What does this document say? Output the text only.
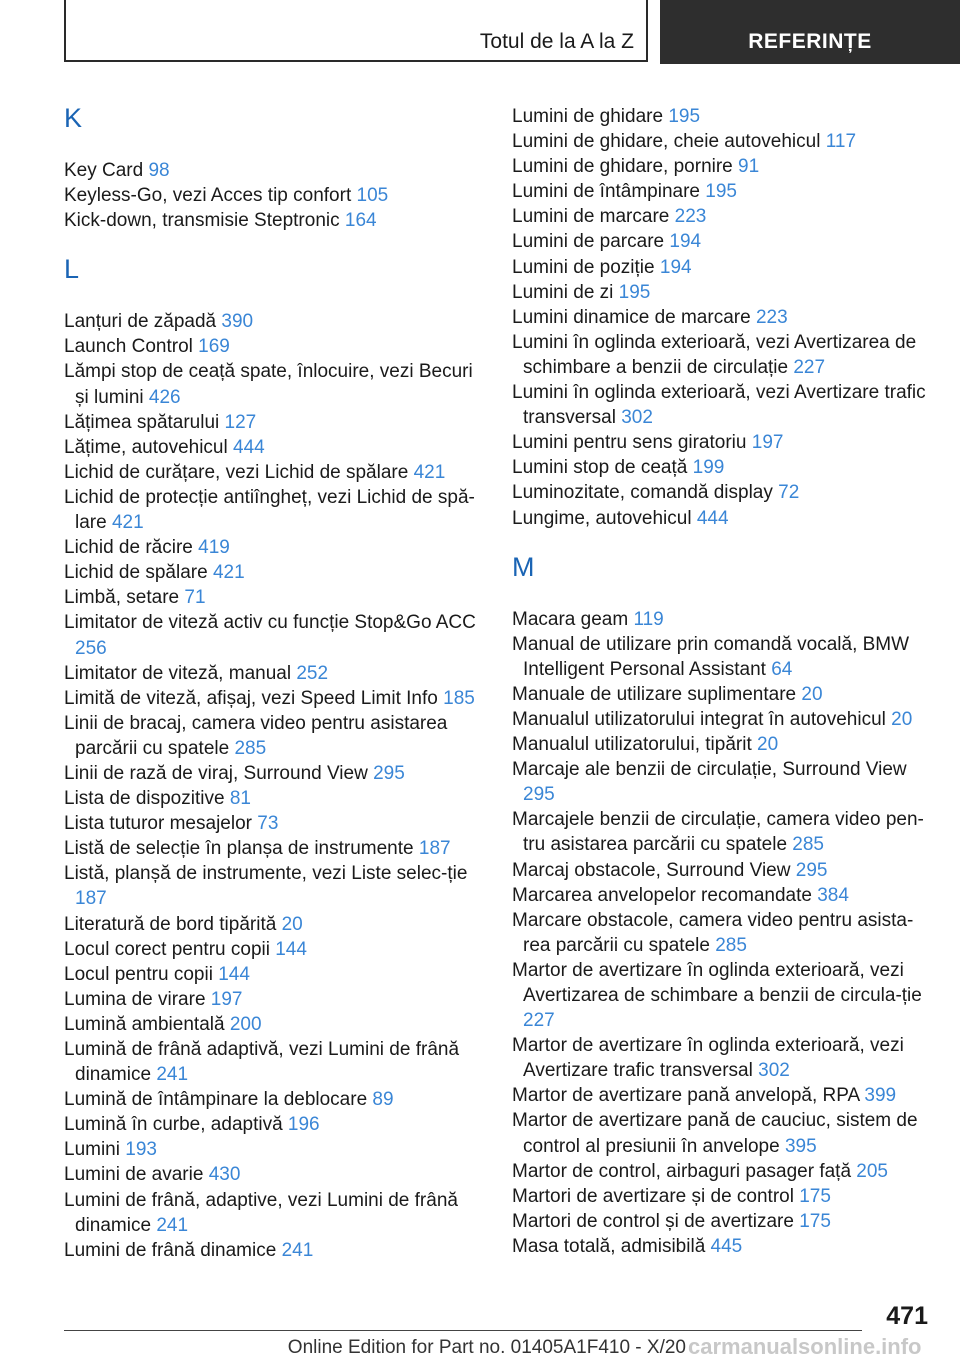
Totul de la A la Z	REFERINȚE
K
Key Card 98
Keyless-Go, vezi Acces tip confort 105
Kick-down, transmisie Steptronic 164
L
Lanțuri de zăpadă 390
Launch Control 169
Lămpi stop de ceață spate, înlocuire, vezi Becuri și lumini 426
Lățimea spătarului 127
Lățime, autovehicul 444
Lichid de curățare, vezi Lichid de spălare 421
Lichid de protecție antiîngheț, vezi Lichid de spă-lare 421
Lichid de răcire 419
Lichid de spălare 421
Limbă, setare 71
Limitator de viteză activ cu funcție Stop&Go ACC 256
Limitator de viteză, manual 252
Limită de viteză, afișaj, vezi Speed Limit Info 185
Linii de bracaj, camera video pentru asistarea parcării cu spatele 285
Linii de rază de viraj, Surround View 295
Lista de dispozitive 81
Lista tuturor mesajelor 73
Listă de selecție în planșa de instrumente 187
Listă, planșă de instrumente, vezi Liste selec-ție 187
Literatură de bord tipărită 20
Locul corect pentru copii 144
Locul pentru copii 144
Lumina de virare 197
Lumină ambientală 200
Lumină de frână adaptivă, vezi Lumini de frână dinamice 241
Lumină de întâmpinare la deblocare 89
Lumină în curbe, adaptivă 196
Lumini 193
Lumini de avarie 430
Lumini de frână, adaptive, vezi Lumini de frână dinamice 241
Lumini de frână dinamice 241
Lumini de ghidare 195
Lumini de ghidare, cheie autovehicul 117
Lumini de ghidare, pornire 91
Lumini de întâmpinare 195
Lumini de marcare 223
Lumini de parcare 194
Lumini de poziție 194
Lumini de zi 195
Lumini dinamice de marcare 223
Lumini în oglinda exterioară, vezi Avertizarea de schimbare a benzii de circulație 227
Lumini în oglinda exterioară, vezi Avertizare trafic transversal 302
Lumini pentru sens giratoriu 197
Lumini stop de ceață 199
Luminozitate, comandă display 72
Lungime, autovehicul 444
M
Macara geam 119
Manual de utilizare prin comandă vocală, BMW Intelligent Personal Assistant 64
Manuale de utilizare suplimentare 20
Manualul utilizatorului integrat în autovehicul 20
Manualul utilizatorului, tipărit 20
Marcaje ale benzii de circulație, Surround View 295
Marcajele benzii de circulație, camera video pen-tru asistarea parcării cu spatele 285
Marcaj obstacole, Surround View 295
Marcarea anvelopelor recomandate 384
Marcare obstacole, camera video pentru asista-rea parcării cu spatele 285
Martor de avertizare în oglinda exterioară, vezi Avertizarea de schimbare a benzii de circula-ție 227
Martor de avertizare în oglinda exterioară, vezi Avertizare trafic transversal 302
Martor de avertizare pană anvelopă, RPA 399
Martor de avertizare pană de cauciuc, sistem de control al presiunii în anvelope 395
Martor de control, airbaguri pasager față 205
Martori de avertizare și de control 175
Martori de control și de avertizare 175
Masa totală, admisibilă 445
471
Online Edition for Part no. 01405A1F410 - X/20 carmanualsonline.info
